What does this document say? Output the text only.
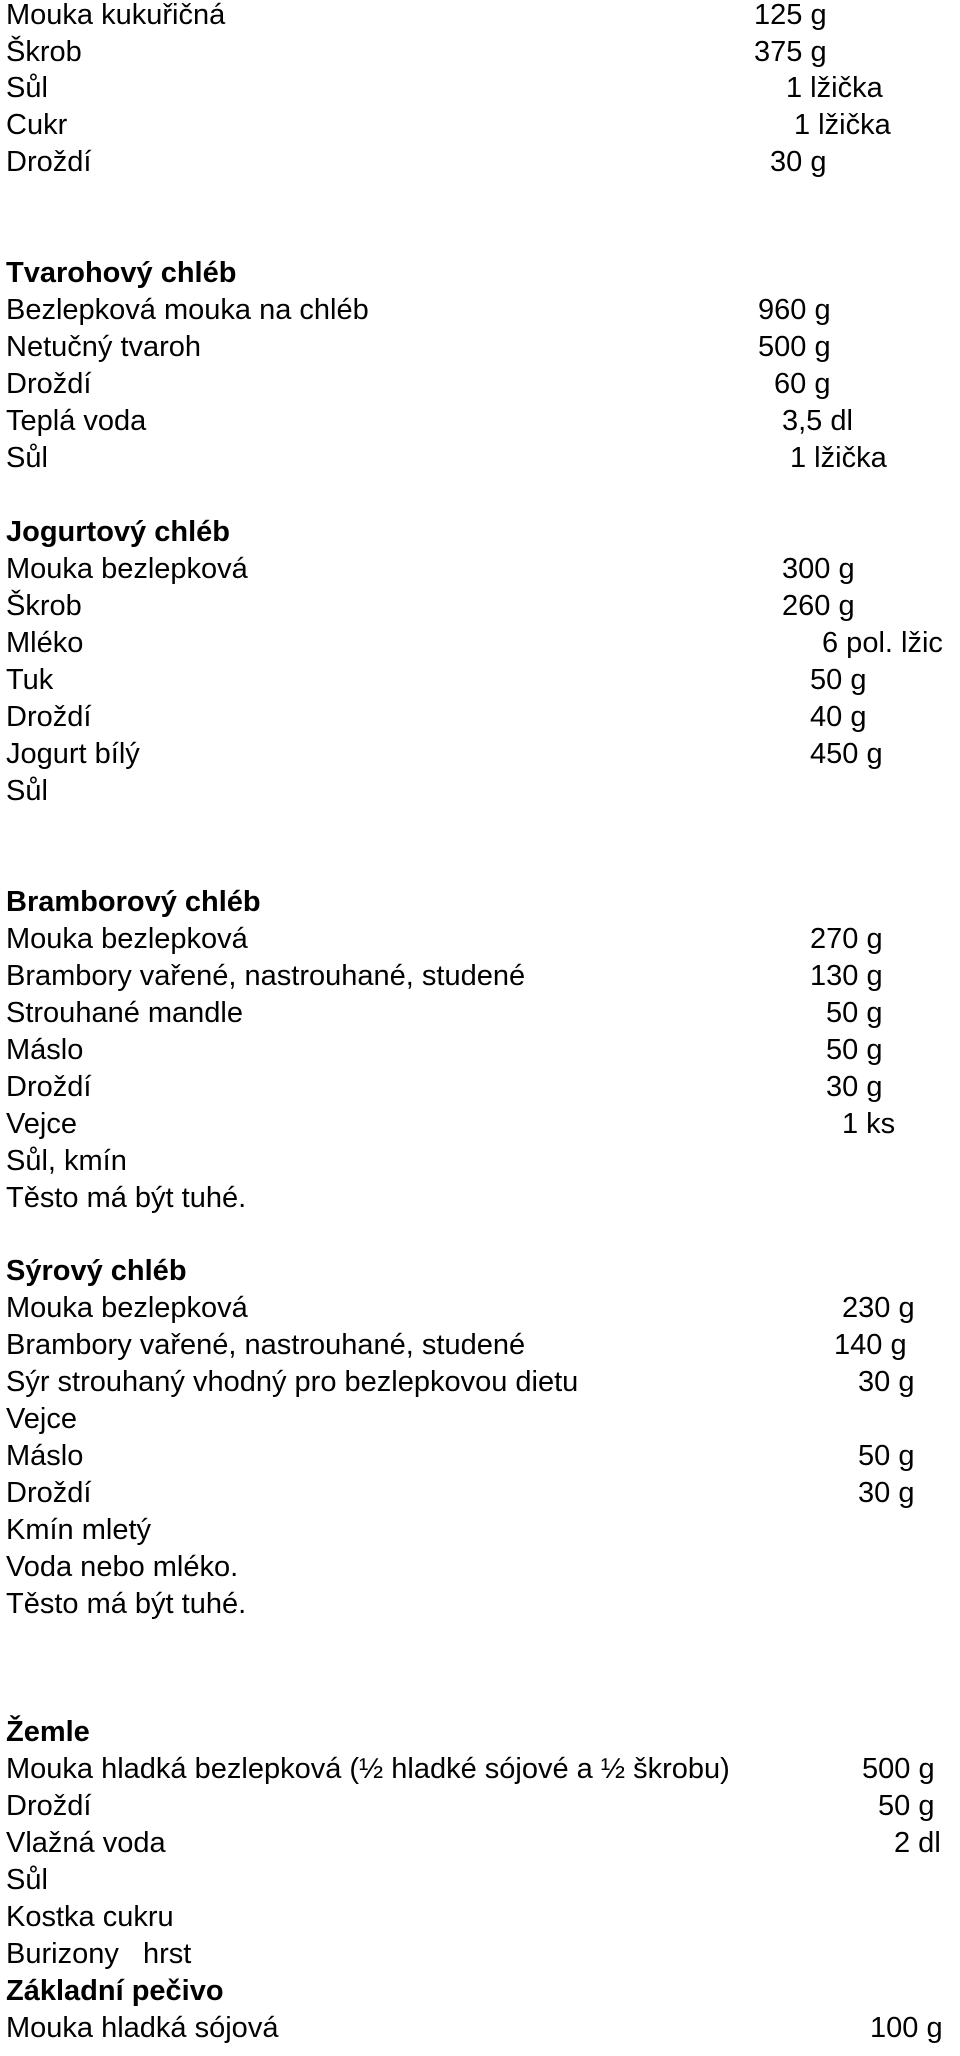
Mouka kukuřičná	125 g
Škrob	375 g
Sůl	1 lžička
Cukr	1 lžička
Droždí	30 g
Tvarohový chléb
Bezlepková mouka na chléb	960 g
Netučný tvaroh	500 g
Droždí	60 g
Teplá voda	3,5 dl
Sůl	1 lžička
Jogurtový chléb
Mouka bezlepková	300 g
Škrob	260 g
Mléko	6 pol. lžic
Tuk	50 g
Droždí	40 g
Jogurt bílý	450 g
Sůl
Bramborový chléb
Mouka bezlepková	270 g
Brambory vařené, nastrouhané, studené	130 g
Strouhané mandle	50 g
Máslo	50 g
Droždí	30 g
Vejce	1 ks
Sůl, kmín
Těsto má být tuhé.
Sýrový chléb
Mouka bezlepková	230 g
Brambory vařené, nastrouhané, studené	140 g
Sýr strouhaný vhodný pro bezlepkovou dietu	30 g
Vejce
Máslo	50 g
Droždí	30 g
Kmín mletý
Voda nebo mléko.
Těsto má být tuhé.
Žemle
Mouka hladká bezlepková (½ hladké sójové a ½ škrobu)	500 g
Droždí	50 g
Vlažná voda	2 dl
Sůl
Kostka cukru
Burizony   hrst
Základní pečivo
Mouka hladká sójová	100 g
